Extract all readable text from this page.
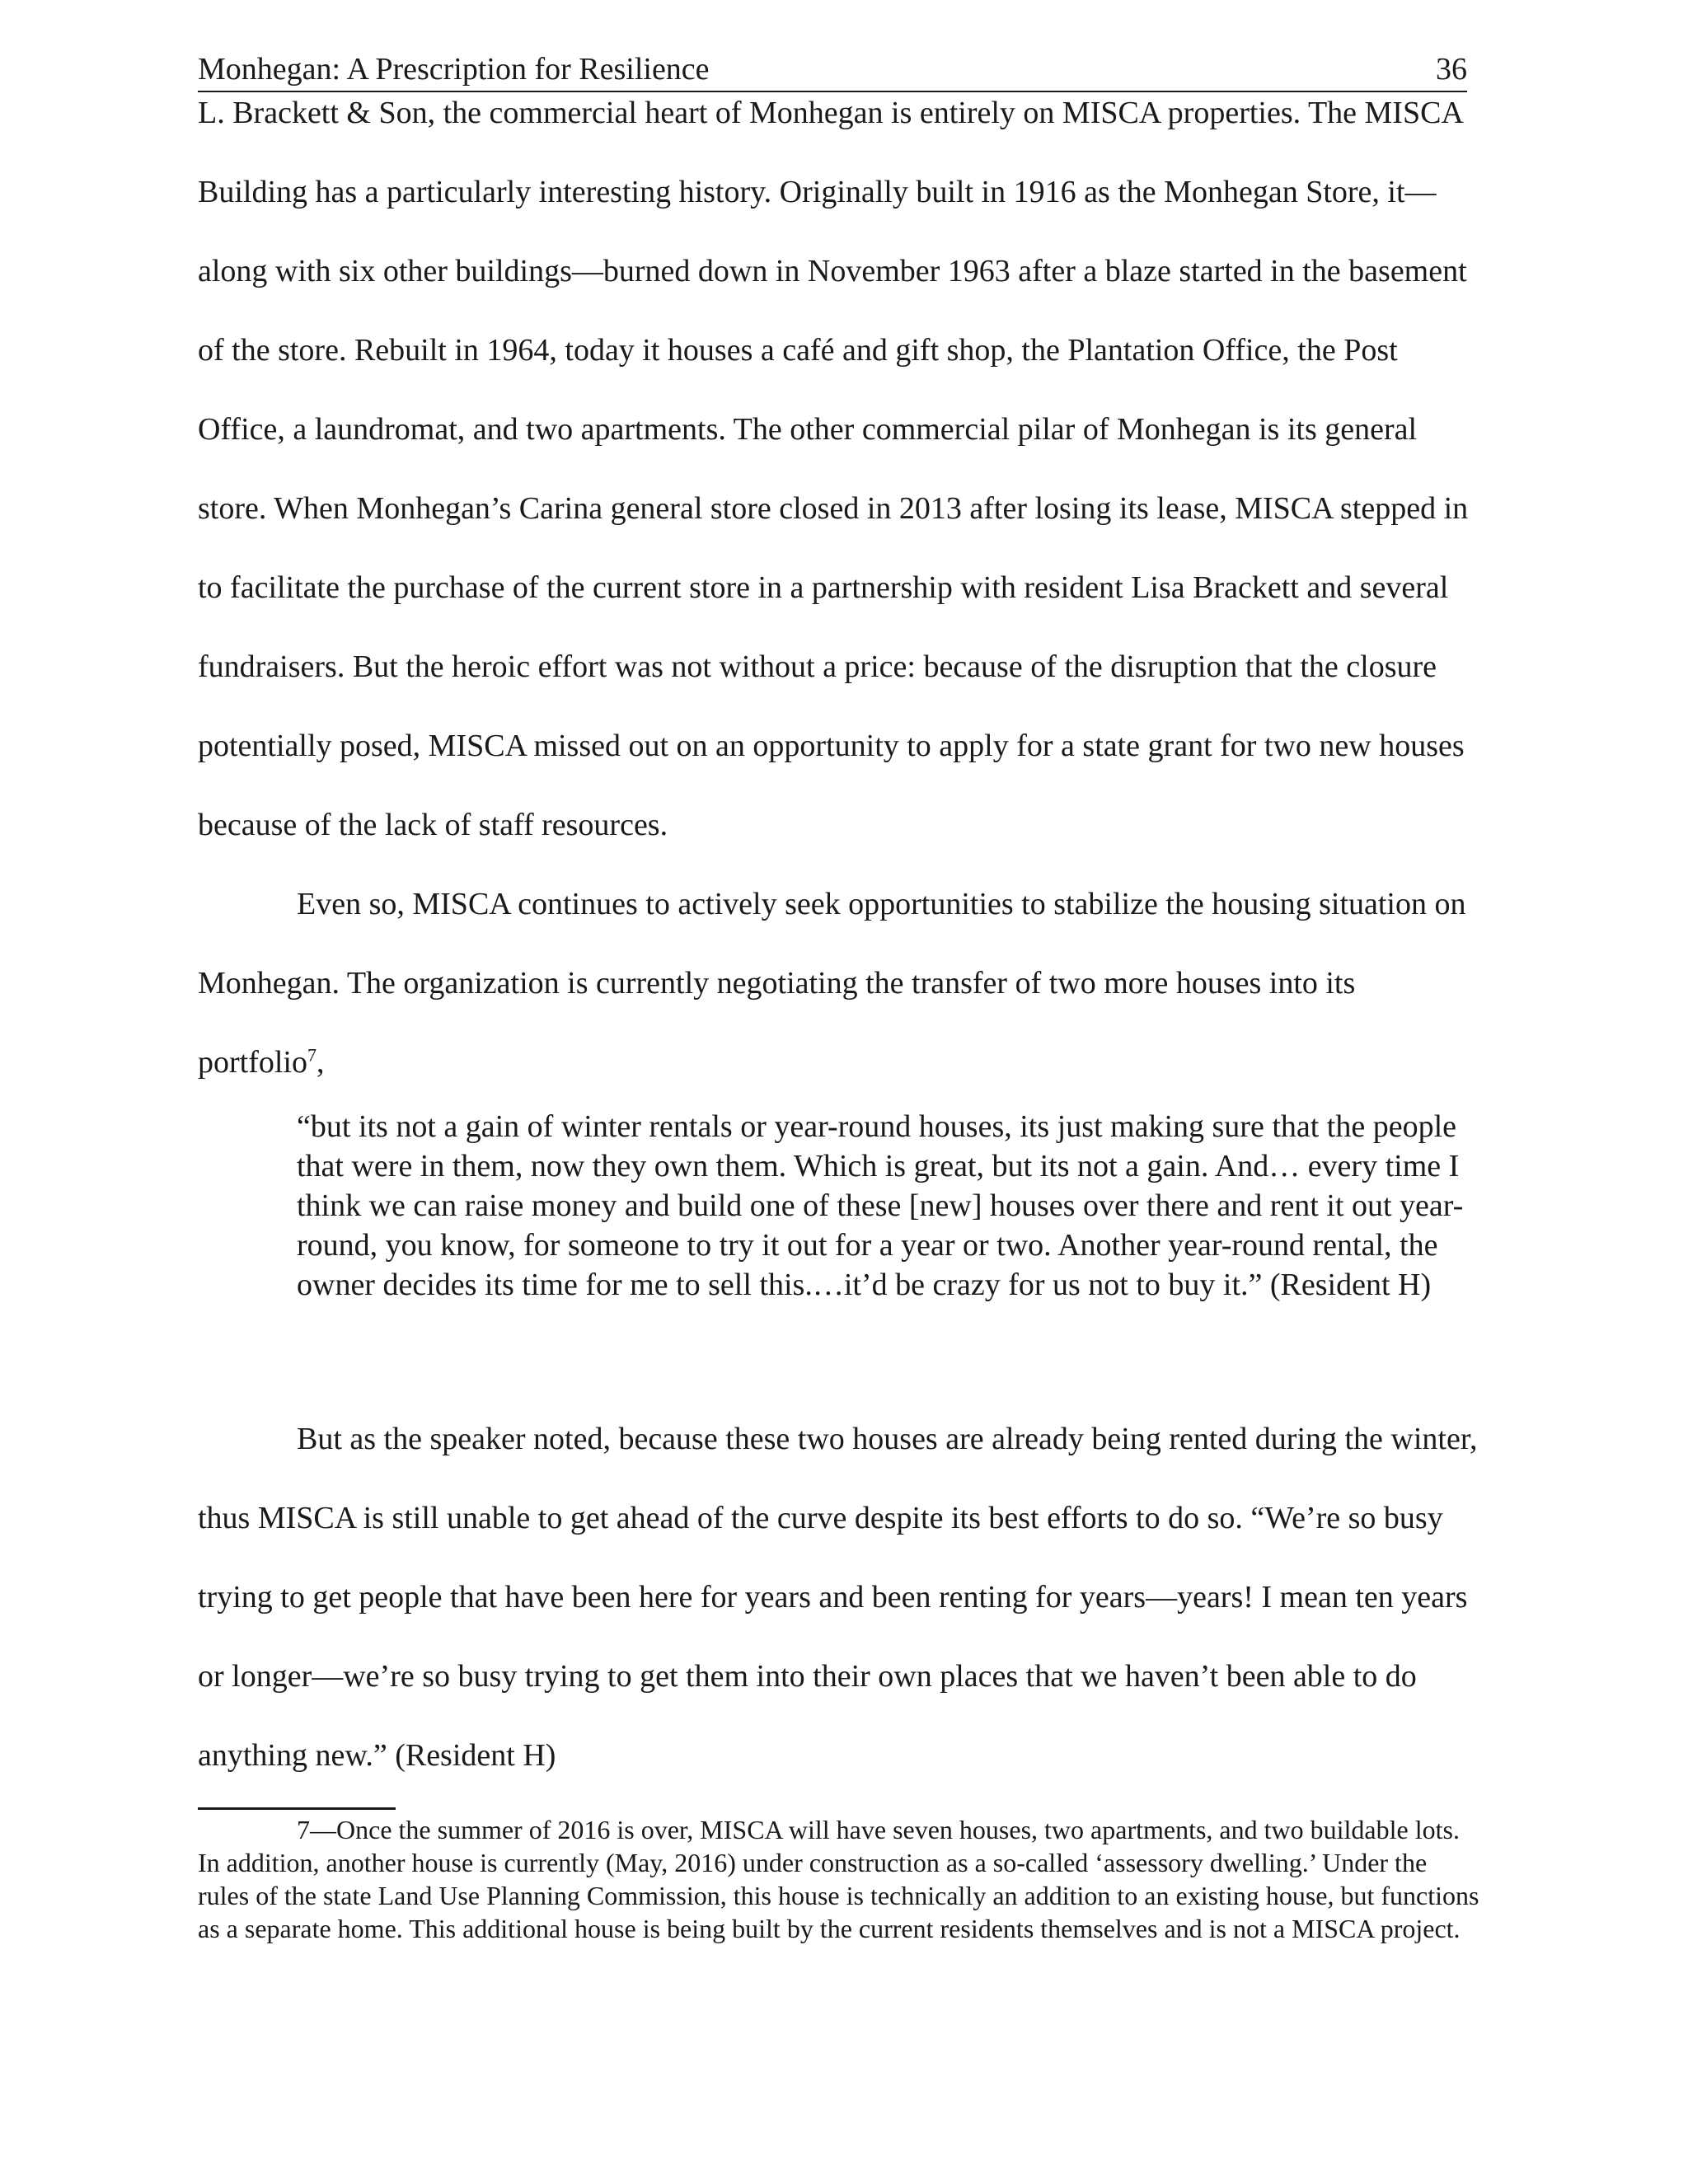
Monhegan: A Prescription for Resilience	36

L. Brackett & Son, the commercial heart of Monhegan is entirely on MISCA properties. The MISCA Building has a particularly interesting history. Originally built in 1916 as the Monhegan Store, it—along with six other buildings—burned down in November 1963 after a blaze started in the basement of the store. Rebuilt in 1964, today it houses a café and gift shop, the Plantation Office, the Post Office, a laundromat, and two apartments. The other commercial pilar of Monhegan is its general store. When Monhegan’s Carina general store closed in 2013 after losing its lease, MISCA stepped in to facilitate the purchase of the current store in a partnership with resident Lisa Brackett and several fundraisers. But the heroic effort was not without a price: because of the disruption that the closure potentially posed, MISCA missed out on an opportunity to apply for a state grant for two new houses because of the lack of staff resources.

Even so, MISCA continues to actively seek opportunities to stabilize the housing situation on Monhegan. The organization is currently negotiating the transfer of two more houses into its portfolio$^7$,

“but its not a gain of winter rentals or year-round houses, its just making sure that the people that were in them, now they own them. Which is great, but its not a gain. And… every time I think we can raise money and build one of these [new] houses over there and rent it out year-round, you know, for someone to try it out for a year or two. Another year-round rental, the owner decides its time for me to sell this.…it’d be crazy for us not to buy it.” (Resident H)

But as the speaker noted, because these two houses are already being rented during the winter, thus MISCA is still unable to get ahead of the curve despite its best efforts to do so. “We’re so busy trying to get people that have been here for years and been renting for years—years! I mean ten years or longer—we’re so busy trying to get them into their own places that we haven’t been able to do anything new.” (Resident H)

7—Once the summer of 2016 is over, MISCA will have seven houses, two apartments, and two buildable lots. In addition, another house is currently (May, 2016) under construction as a so-called ‘assessory dwelling.’ Under the rules of the state Land Use Planning Commission, this house is technically an addition to an existing house, but functions as a separate home. This additional house is being built by the current residents themselves and is not a MISCA project.
